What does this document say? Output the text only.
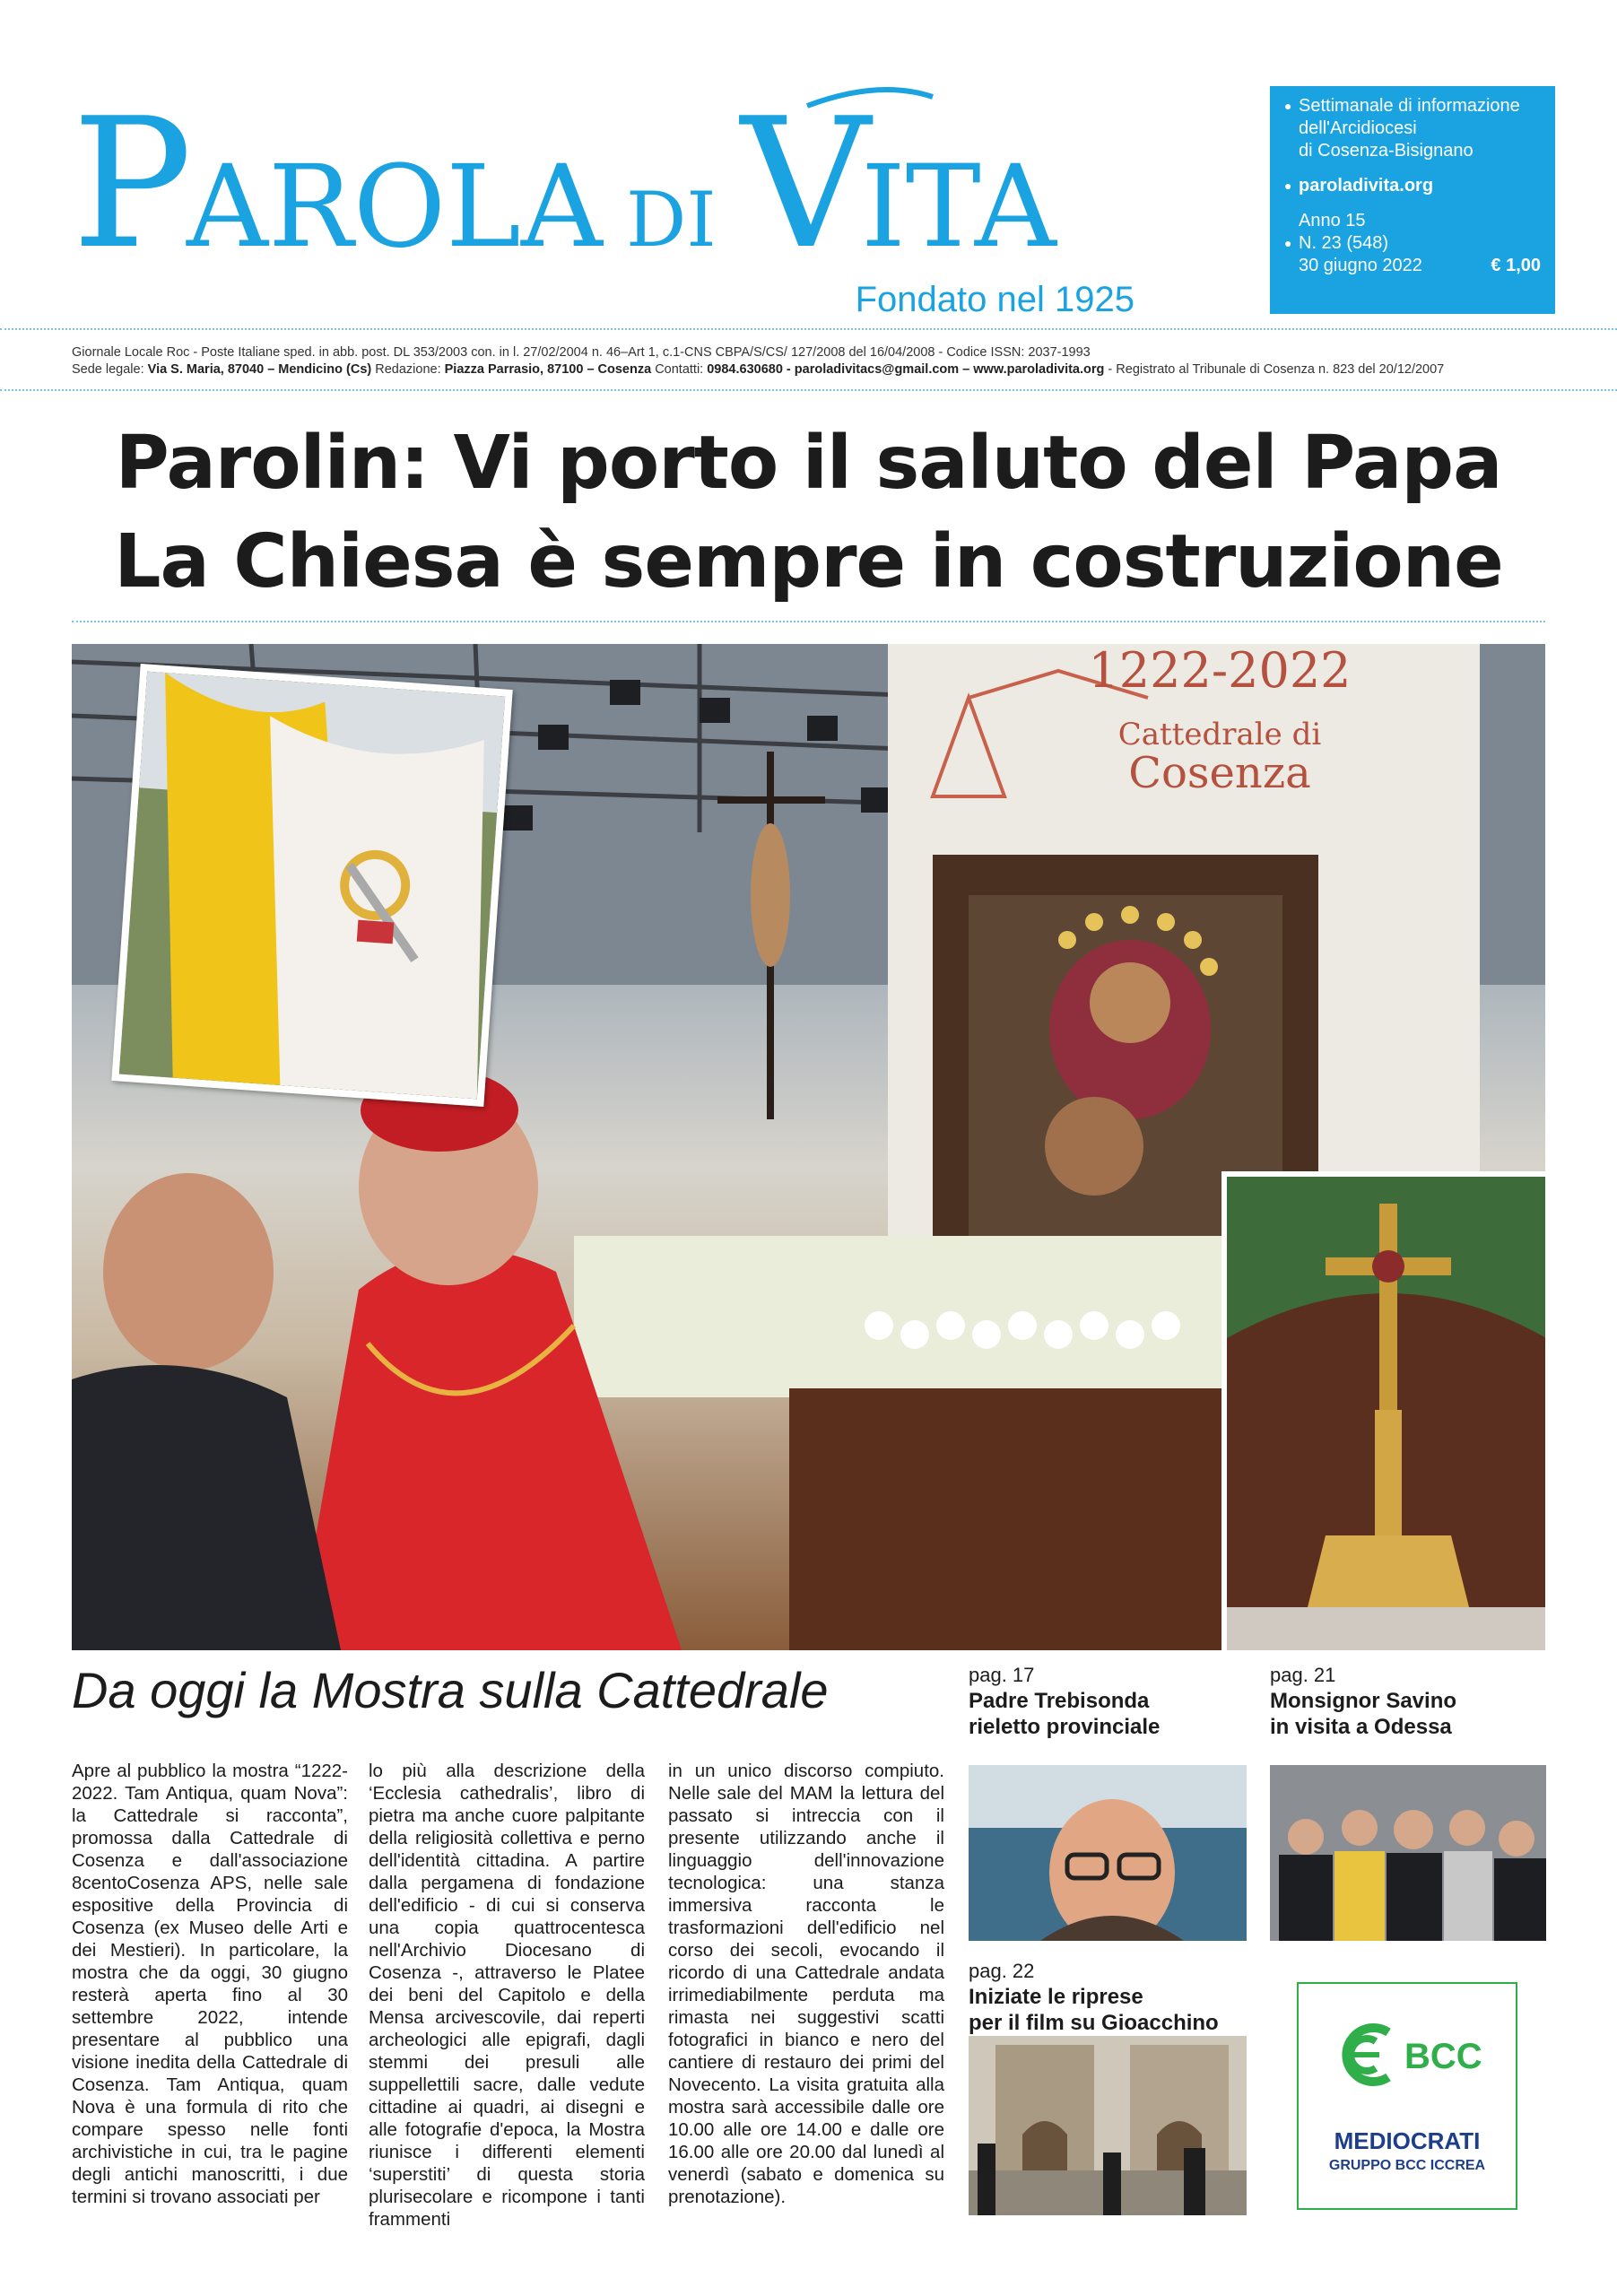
P
AROLA DI V
ITA
Fondato nel 1925
● Settimanale di informazione
dell'Arcidiocesi
di Cosenza-Bisignano
● paroladivita.org
Anno 15
● N. 23 (548)
30 giugno 2022	€ 1,00
Giornale Locale Roc - Poste Italiane sped. in abb. post. DL 353/2003 con. in l. 27/02/2004 n. 46–Art 1, c.1-CNS CBPA/S/CS/ 127/2008 del 16/04/2008 - Codice ISSN: 2037-1993
Sede legale: Via S. Maria, 87040 – Mendicino (Cs) Redazione: Piazza Parrasio, 87100 – Cosenza Contatti: 0984.630680 - paroladivitacs@gmail.com – www.paroladivita.org - Registrato al Tribunale di Cosenza n. 823 del 20/12/2007
Parolin: Vi porto il saluto del Papa
La Chiesa è sempre in costruzione
1222-2022
Cattedrale di
Cosenza
Da oggi la Mostra sulla Cattedrale
Apre al pubblico la mostra “1222-2022. Tam Antiqua, quam Nova”: la Cattedrale si racconta”, promossa dalla Cattedrale di Cosenza e dall'associazione 8centoCosenza APS, nelle sale espositive della Provincia di Cosenza (ex Museo delle Arti e dei Mestieri). In particolare, la mostra che da oggi, 30 giugno resterà aperta fino al 30 settembre 2022, intende presentare al pubblico una visione inedita della Cattedrale di Cosenza. Tam Antiqua, quam Nova è una formula di rito che compare spesso nelle fonti archivistiche in cui, tra le pagine degli antichi manoscritti, i due termini si trovano associati per
lo più alla descrizione della ‘Ecclesia cathedralis’, libro di pietra ma anche cuore palpitante della religiosità collettiva e perno dell'identità cittadina. A partire dalla pergamena di fondazione dell'edificio - di cui si conserva una copia quattrocentesca nell'Archivio Diocesano di Cosenza -, attraverso le Platee dei beni del Capitolo e della Mensa arcivescovile, dai reperti archeologici alle epigrafi, dagli stemmi dei presuli alle suppellettili sacre, dalle vedute cittadine ai quadri, ai disegni e alle fotografie d'epoca, la Mostra riunisce i differenti elementi ‘superstiti’ di questa storia plurisecolare e ricompone i tanti frammenti
in un unico discorso compiuto. Nelle sale del MAM la lettura del passato si intreccia con il presente utilizzando anche il linguaggio dell'innovazione tecnologica: una stanza immersiva racconta le trasformazioni dell'edificio nel corso dei secoli, evocando il ricordo di una Cattedrale andata irrimediabilmente perduta ma rimasta nei suggestivi scatti fotografici in bianco e nero del cantiere di restauro dei primi del Novecento. La visita gratuita alla mostra sarà accessibile dalle ore 10.00 alle ore 14.00 e dalle ore 16.00 alle ore 20.00 dal lunedì al venerdì (sabato e domenica su prenotazione).
pag. 17
Padre Trebisonda
rieletto provinciale
pag. 21
Monsignor Savino
in visita a Odessa
pag. 22
Iniziate le riprese
per il film su Gioacchino
BCC
MEDIOCRATI
GRUPPO BCC ICCREA
